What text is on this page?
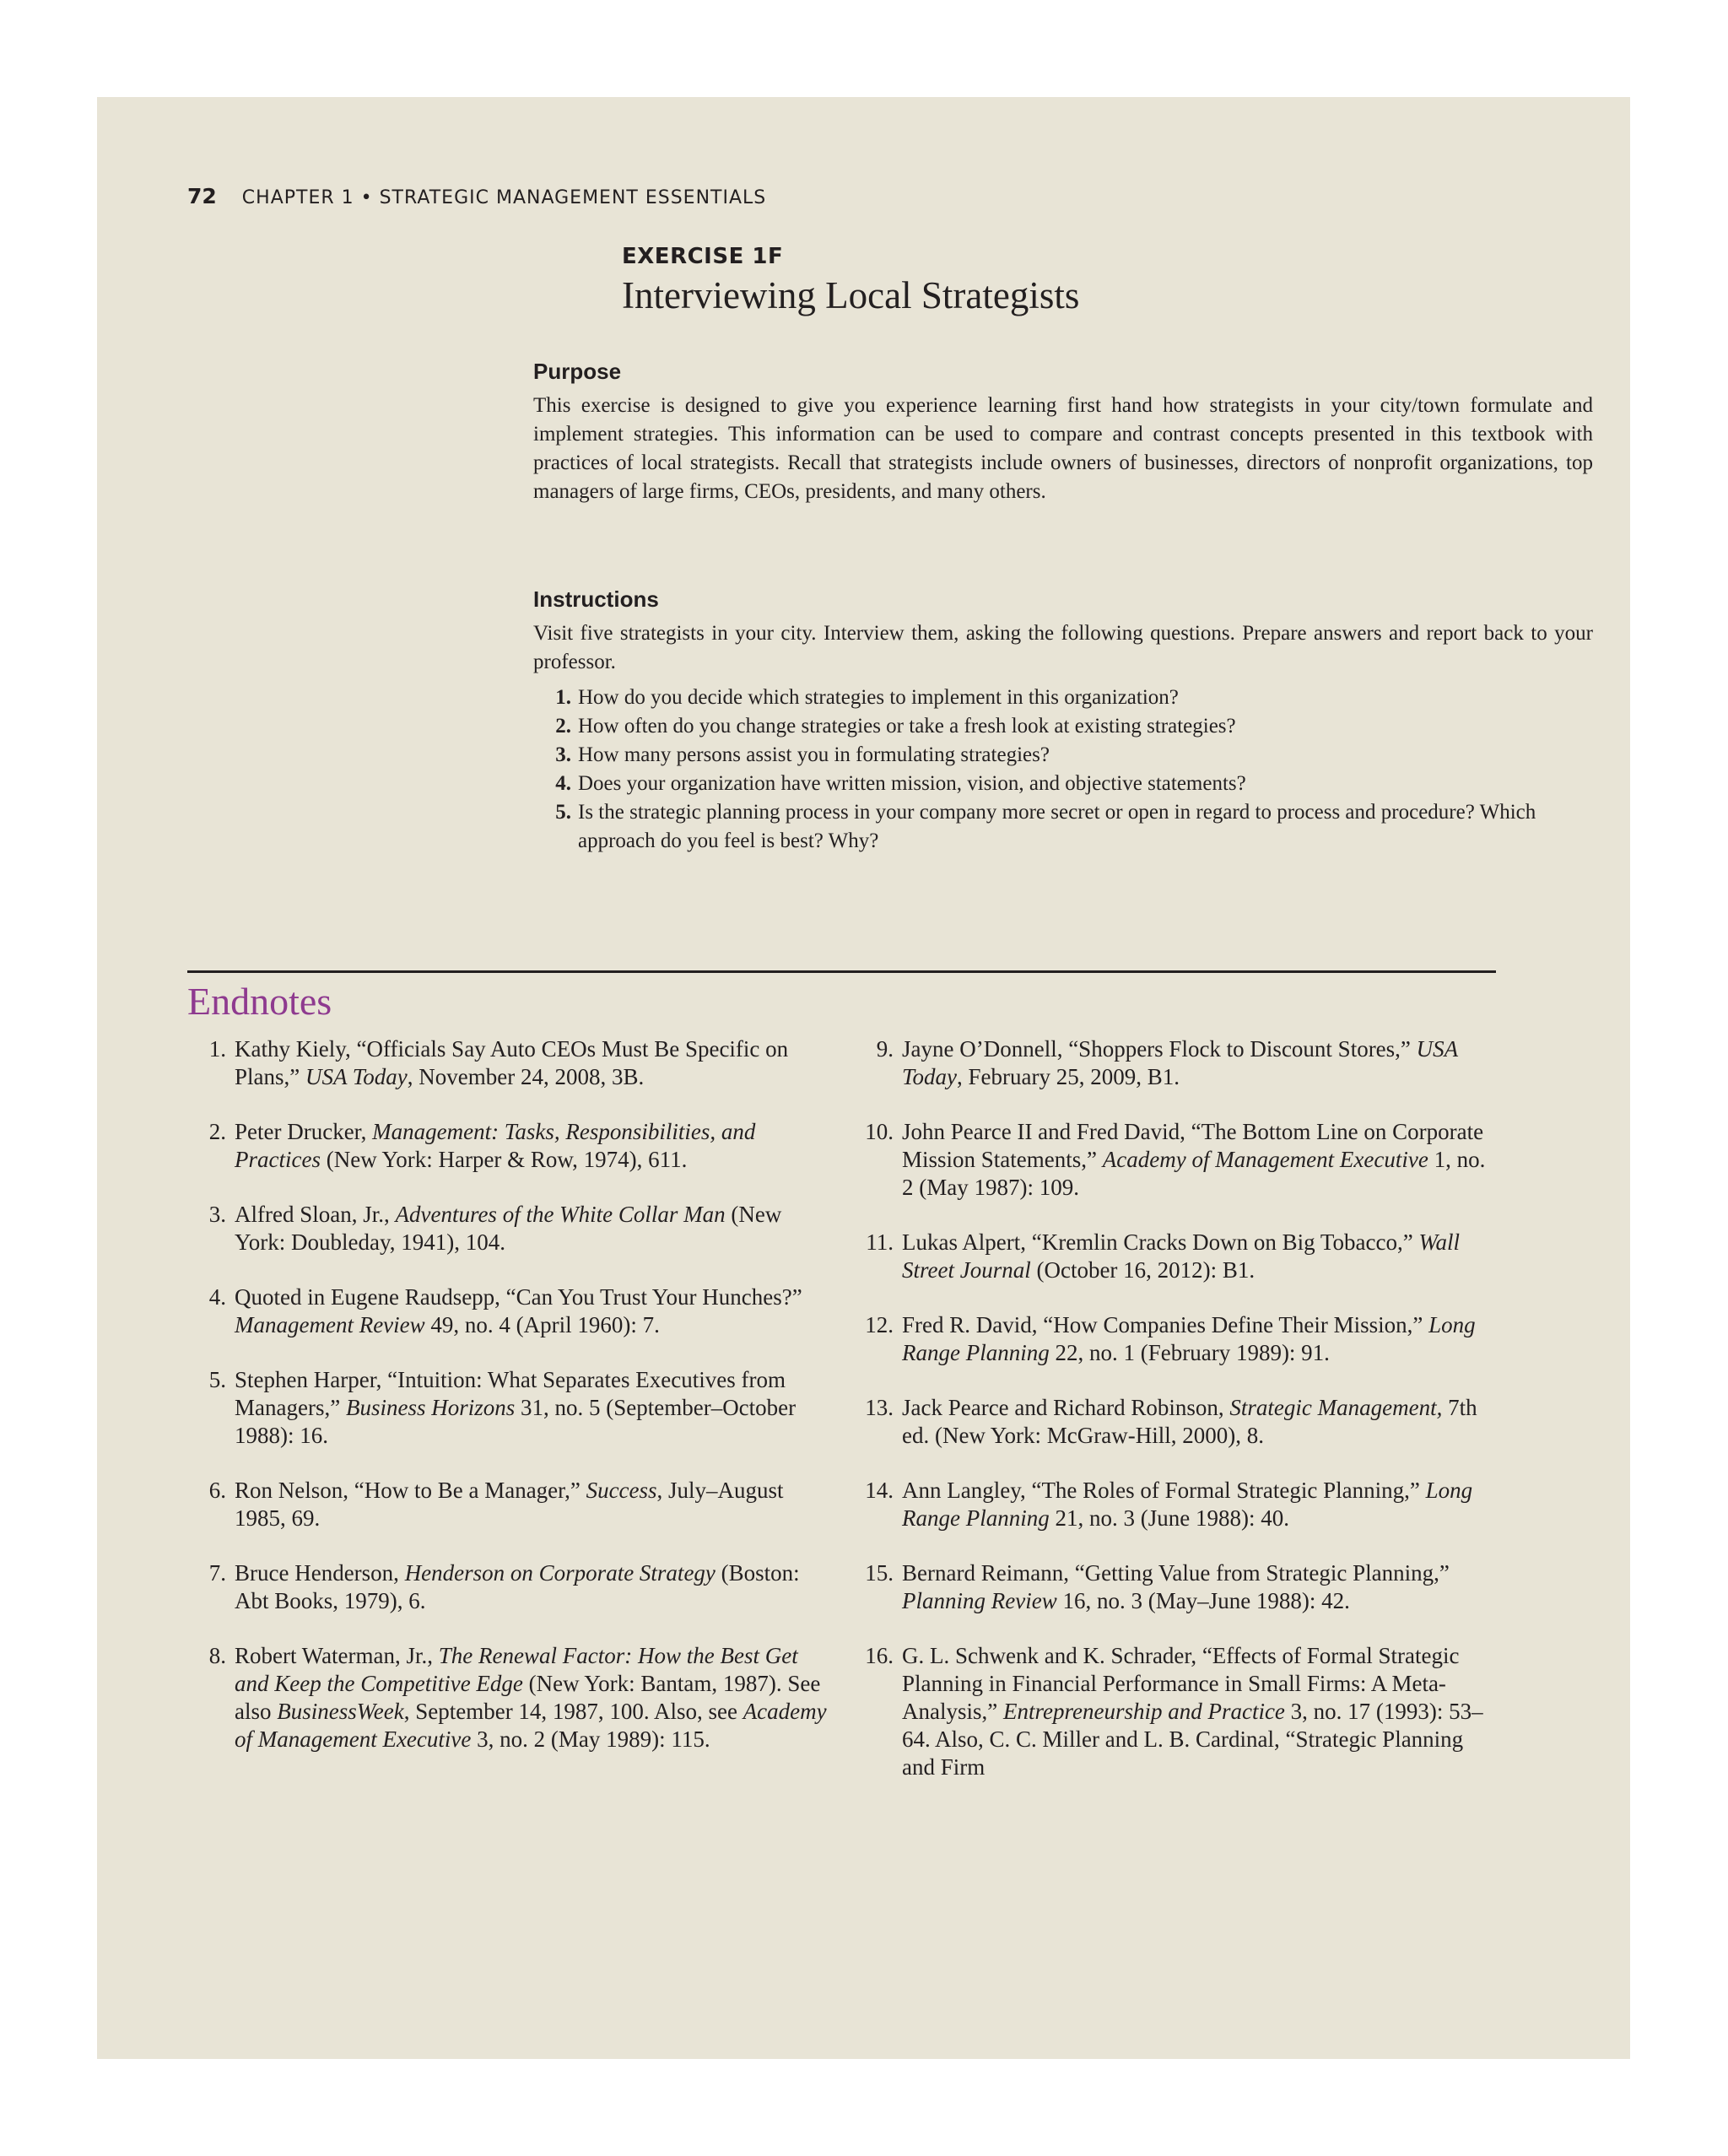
72 CHAPTER 1 • STRATEGIC MANAGEMENT ESSENTIALS
EXERCISE 1F
Interviewing Local Strategists
Purpose
This exercise is designed to give you experience learning first hand how strategists in your city/town formulate and implement strategies. This information can be used to compare and contrast concepts presented in this textbook with practices of local strategists. Recall that strategists include owners of businesses, directors of nonprofit organizations, top managers of large firms, CEOs, presidents, and many others.
Instructions
Visit five strategists in your city. Interview them, asking the following questions. Prepare answers and report back to your professor.
1. How do you decide which strategies to implement in this organization?
2. How often do you change strategies or take a fresh look at existing strategies?
3. How many persons assist you in formulating strategies?
4. Does your organization have written mission, vision, and objective statements?
5. Is the strategic planning process in your company more secret or open in regard to process and procedure? Which approach do you feel is best? Why?
Endnotes
1. Kathy Kiely, “Officials Say Auto CEOs Must Be Specific on Plans,” USA Today, November 24, 2008, 3B.
2. Peter Drucker, Management: Tasks, Responsibilities, and Practices (New York: Harper & Row, 1974), 611.
3. Alfred Sloan, Jr., Adventures of the White Collar Man (New York: Doubleday, 1941), 104.
4. Quoted in Eugene Raudsepp, “Can You Trust Your Hunches?” Management Review 49, no. 4 (April 1960): 7.
5. Stephen Harper, “Intuition: What Separates Executives from Managers,” Business Horizons 31, no. 5 (September–October 1988): 16.
6. Ron Nelson, “How to Be a Manager,” Success, July–August 1985, 69.
7. Bruce Henderson, Henderson on Corporate Strategy (Boston: Abt Books, 1979), 6.
8. Robert Waterman, Jr., The Renewal Factor: How the Best Get and Keep the Competitive Edge (New York: Bantam, 1987). See also BusinessWeek, September 14, 1987, 100. Also, see Academy of Management Executive 3, no. 2 (May 1989): 115.
9. Jayne O’Donnell, “Shoppers Flock to Discount Stores,” USA Today, February 25, 2009, B1.
10. John Pearce II and Fred David, “The Bottom Line on Corporate Mission Statements,” Academy of Management Executive 1, no. 2 (May 1987): 109.
11. Lukas Alpert, “Kremlin Cracks Down on Big Tobacco,” Wall Street Journal (October 16, 2012): B1.
12. Fred R. David, “How Companies Define Their Mission,” Long Range Planning 22, no. 1 (February 1989): 91.
13. Jack Pearce and Richard Robinson, Strategic Management, 7th ed. (New York: McGraw-Hill, 2000), 8.
14. Ann Langley, “The Roles of Formal Strategic Planning,” Long Range Planning 21, no. 3 (June 1988): 40.
15. Bernard Reimann, “Getting Value from Strategic Planning,” Planning Review 16, no. 3 (May–June 1988): 42.
16. G. L. Schwenk and K. Schrader, “Effects of Formal Strategic Planning in Financial Performance in Small Firms: A Meta-Analysis,” Entrepreneurship and Practice 3, no. 17 (1993): 53–64. Also, C. C. Miller and L. B. Cardinal, “Strategic Planning and Firm
